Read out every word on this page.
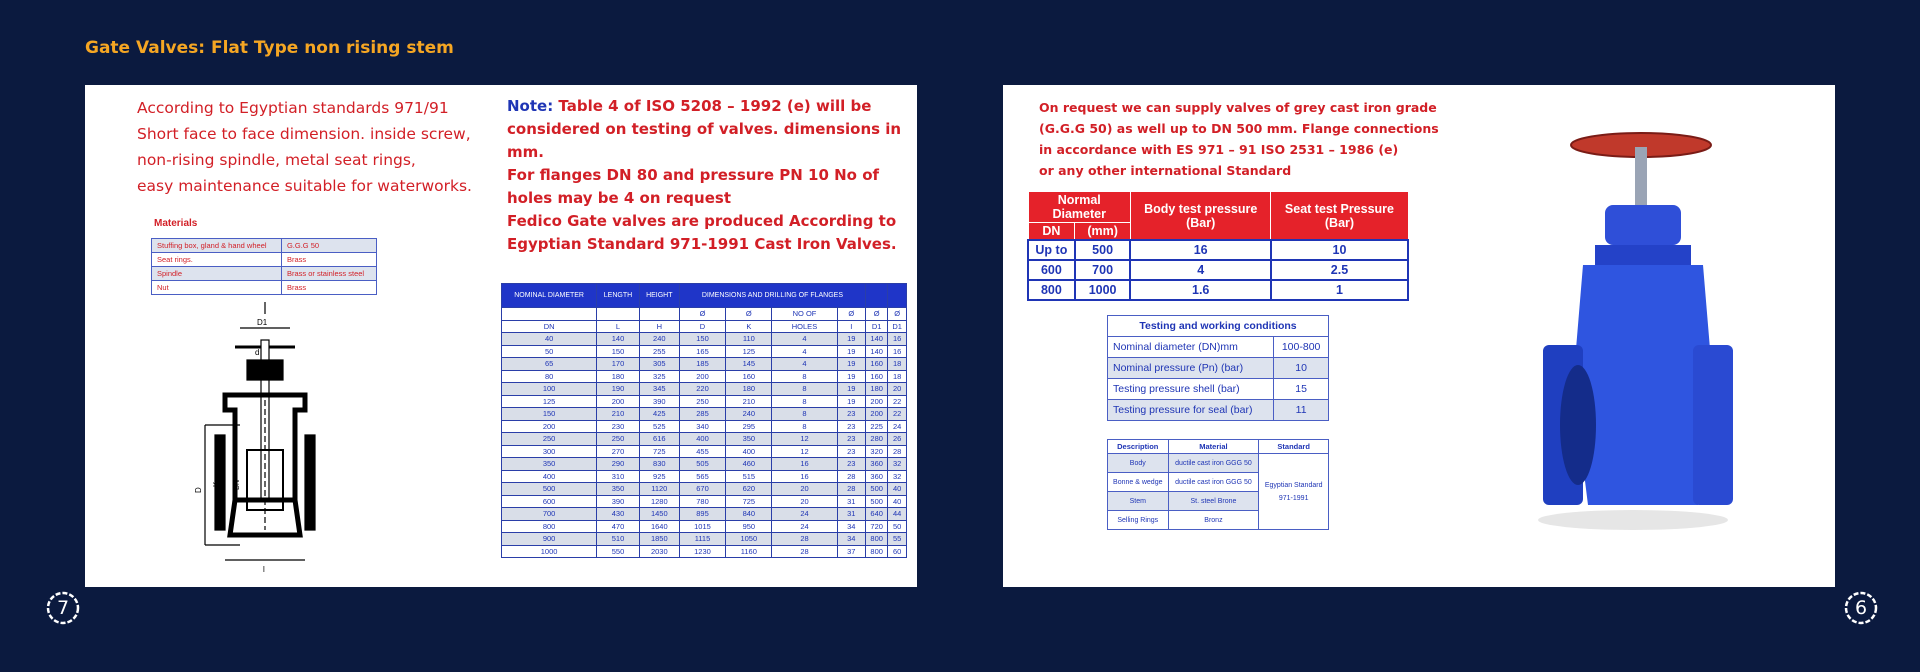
Gate Valves: Flat Type non rising stem
According to Egyptian standards 971/91
Short face to face dimension. inside screw,
non-rising spindle, metal seat rings,
easy maintenance suitable for waterworks.
Note: Table 4 of ISO 5208 – 1992 (e) will be considered on testing of valves. dimensions in mm.
For flanges DN 80 and pressure PN 10 No of holes may be 4 on request
Fedico Gate valves are produced According to Egyptian Standard 971-1991 Cast Iron Valves.
Materials
Stuffing box, gland & hand wheel	G.G.G 50
Seat rings.	Brass
Spindle	Brass or stainless steel
Nut	Brass
D1
d
D
K DN
l
NOMINAL DIAMETER	LENGTH	HEIGHT	DIMENSIONS AND DRILLING OF FLANGES					
			Ø	Ø	NO OF	Ø	Ø	Ø
DN	L	H	D	K	HOLES	I	D1	D1
40	140	240	150	110	4	19	140	16
50	150	255	165	125	4	19	140	16
65	170	305	185	145	4	19	160	18
80	180	325	200	160	8	19	160	18
100	190	345	220	180	8	19	180	20
125	200	390	250	210	8	19	200	22
150	210	425	285	240	8	23	200	22
200	230	525	340	295	8	23	225	24
250	250	616	400	350	12	23	280	26
300	270	725	455	400	12	23	320	28
350	290	830	505	460	16	23	360	32
400	310	925	565	515	16	28	360	32
500	350	1120	670	620	20	28	500	40
600	390	1280	780	725	20	31	500	40
700	430	1450	895	840	24	31	640	44
800	470	1640	1015	950	24	34	720	50
900	510	1850	1115	1050	28	34	800	55
1000	550	2030	1230	1160	28	37	800	60
7
On request we can supply valves of grey cast iron grade
(G.G.G 50) as well up to DN 500 mm. Flange connections
in accordance with ES 971 – 91 ISO 2531 – 1986 (e)
or any other international Standard
Normal Diameter		Body test pressure (Bar)	Seat test Pressure (Bar)
DN	(mm)		
Up to	500	16	10
600	700	4	2.5
800	1000	1.6	1
Testing and working conditions	
Nominal diameter (DN)mm	100-800
Nominal pressure (Pn) (bar)	10
Testing pressure shell (bar)	15
Testing pressure for seal (bar)	11
Description	Material	Standard
Body	ductile cast iron GGG 50	Egyptian Standard
971-1991

Bonne & wedge	ductile cast iron GGG 50	
Stem	St. steel Brone	
Selling Rings	Bronz	
6
